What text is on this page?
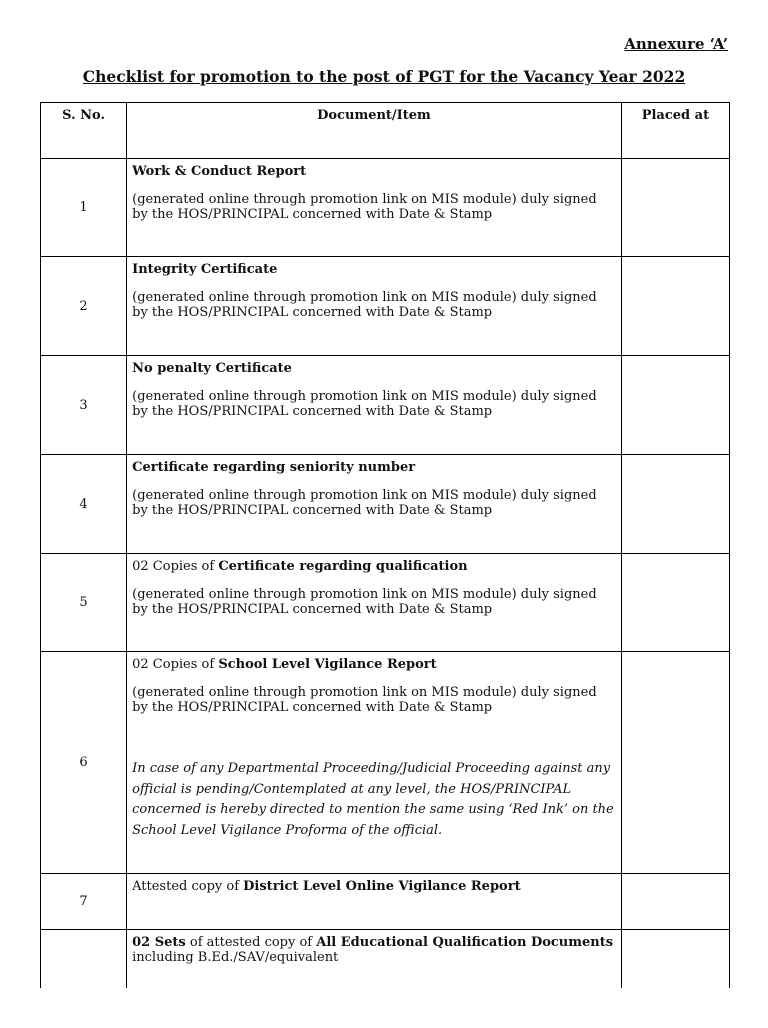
Annexure ‘A’
Checklist for promotion to the post of PGT for the Vacancy Year 2022
S. No.	Document/Item	Placed at
1	Work & Conduct Report
(generated online through promotion link on MIS module) duly signed by the HOS/PRINCIPAL concerned with Date & Stamp	

2	Integrity Certificate
(generated online through promotion link on MIS module) duly signed by the HOS/PRINCIPAL concerned with Date & Stamp	

3	No penalty Certificate
(generated online through promotion link on MIS module) duly signed by the HOS/PRINCIPAL concerned with Date & Stamp	

4	Certificate regarding seniority number
(generated online through promotion link on MIS module) duly signed by the HOS/PRINCIPAL concerned with Date & Stamp	

5	02 Copies of Certificate regarding qualification
(generated online through promotion link on MIS module) duly signed by the HOS/PRINCIPAL concerned with Date & Stamp	

6	02 Copies of School Level Vigilance Report
(generated online through promotion link on MIS module) duly signed by the HOS/PRINCIPAL concerned with Date & Stamp
In case of any Departmental Proceeding/Judicial Proceeding against any official is pending/Contemplated at any level, the HOS/PRINCIPAL concerned is hereby directed to mention the same using ‘Red Ink’ on the School Level Vigilance Proforma of the official.	

7	Attested copy of District Level Online Vigilance Report	
	02 Sets of attested copy of All Educational Qualification Documents including B.Ed./SAV/equivalent	
